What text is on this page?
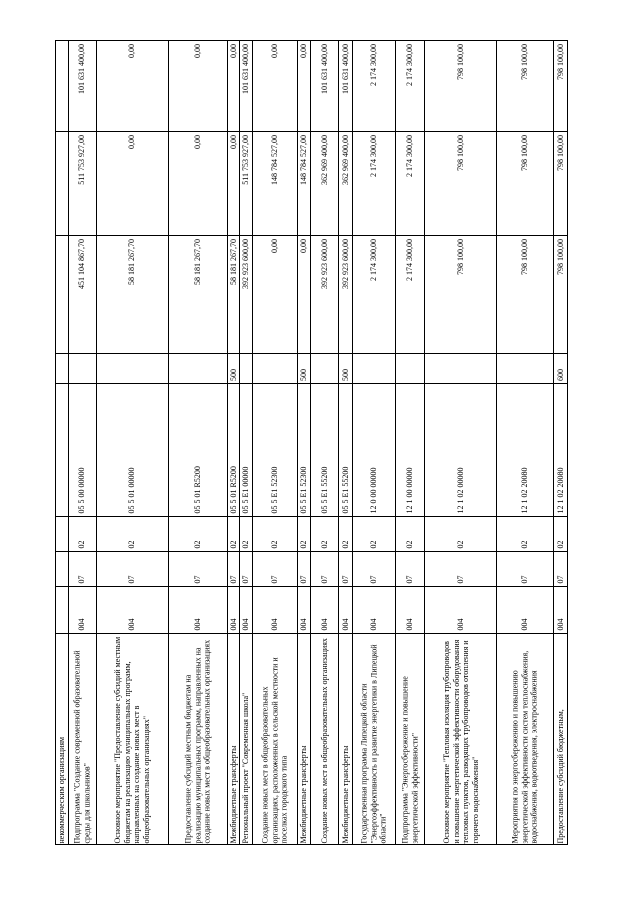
некоммерческим организациям Подпрограмма "Создание современной образовательной среды для школьников"
004
07
02
05 5 00 00000
451 104 867,70
511 753 927,00
101 631 400,00
Основное мероприятие "Предоставление субсидий местным бюджетам на реализацию муниципальных программ, направленных на создание новых мест в общеобразовательных организациях"
004
07
02
05 5 01 00000
58 181 267,70
0,00
0,00
Предоставление субсидий местным бюджетам на реализацию муниципальных программ, направленных на создание новых мест в общеобразовательных организациях
004
07
02
05 5 01 R5200
58 181 267,70
0,00
0,00
Межбюджетные трансферты
004
07
02
05 5 01 R5200
500
58 181 267,70
0,00
0,00
Региональный проект "Современная школа"
004
07
02
05 5 E1 00000
392 923 600,00
511 753 927,00
101 631 400,00
Создание новых мест в общеобразовательных организациях, расположенных в сельской местности и поселках городского типа
004
07
02
05 5 E1 52300
0,00
148 784 527,00
0,00
Межбюджетные трансферты
004
07
02
05 5 E1 52300
500
0,00
148 784 527,00
0,00
Создание новых мест в общеобразовательных организациях
004
07
02
05 5 E1 55200
392 923 600,00
362 969 400,00
101 631 400,00
Межбюджетные трансферты
004
07
02
05 5 E1 55200
500
392 923 600,00
362 969 400,00
101 631 400,00
Государственная программа Липецкой области "Энергоэффективность и развитие энергетики в Липецкой области"
004
07
02
12 0 00 00000
2 174 300,00
2 174 300,00
2 174 300,00
Подпрограмма "Энергосбережение и повышение энергетической эффективности"
004
07
02
12 1 00 00000
2 174 300,00
2 174 300,00
2 174 300,00
Основное мероприятие "Тепловая изоляция трубопроводов и повышение энергетической эффективности оборудования тепловых пунктов, разводящих трубопроводов отопления и горячего водоснабжения"
004
07
02
12 1 02 00000
798 100,00
798 100,00
798 100,00
Мероприятия по энергосбережению и повышению энергетической эффективности систем теплоснабжения, водоснабжения, водоотведения, электроснабжения
004
07
02
12 1 02 20080
798 100,00
798 100,00
798 100,00
Предоставление субсидий бюджетным,
004
07
02
12 1 02 20080
600
798 100,00
798 100,00
798 100,00
